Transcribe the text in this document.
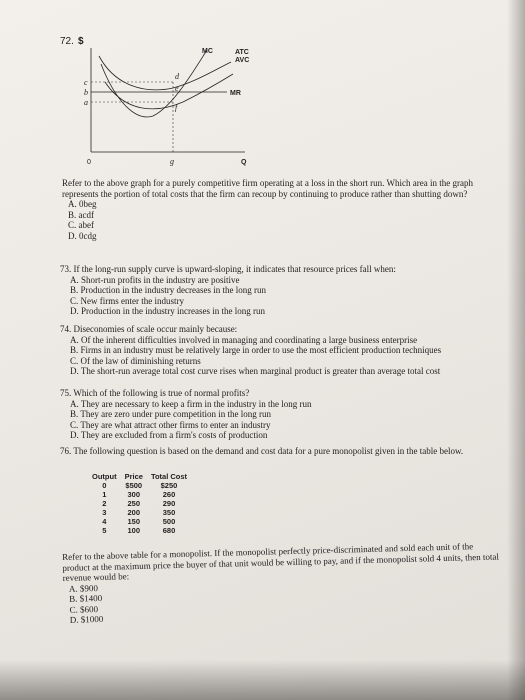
72. $
MC	ATC
AVC
MR
c
b
a
d
e
f
0	g	Q

Refer to the above graph for a purely competitive firm operating at a loss in the short run. Which area in the graph represents the portion of total costs that the firm can recoup by continuing to produce rather than shutting down?

A. 0beg

B. acdf

C. abef

D. 0cdg

73. If the long-run supply curve is upward-sloping, it indicates that resource prices fall when:

A. Short-run profits in the industry are positive

B. Production in the industry decreases in the long run

C. New firms enter the industry

D. Production in the industry increases in the long run

74. Diseconomies of scale occur mainly because:

A. Of the inherent difficulties involved in managing and coordinating a large business enterprise

B. Firms in an industry must be relatively large in order to use the most efficient production techniques

C. Of the law of diminishing returns

D. The short-run average total cost curve rises when marginal product is greater than average total cost

75. Which of the following is true of normal profits?

A. They are necessary to keep a firm in the industry in the long run

B. They are zero under pure competition in the long run

C. They are what attract other firms to enter an industry

D. They are excluded from a firm's costs of production

76. The following question is based on the demand and cost data for a pure monopolist given in the table below.

Output	Price	Total Cost
0	$500	$250
1	300	260
2	250	290
3	200	350
4	150	500
5	100	680

Refer to the above table for a monopolist. If the monopolist perfectly price-discriminated and sold each unit of the product at the maximum price the buyer of that unit would be willing to pay, and if the monopolist sold 4 units, then total revenue would be:

A. $900

B. $1400

C. $600

D. $1000
